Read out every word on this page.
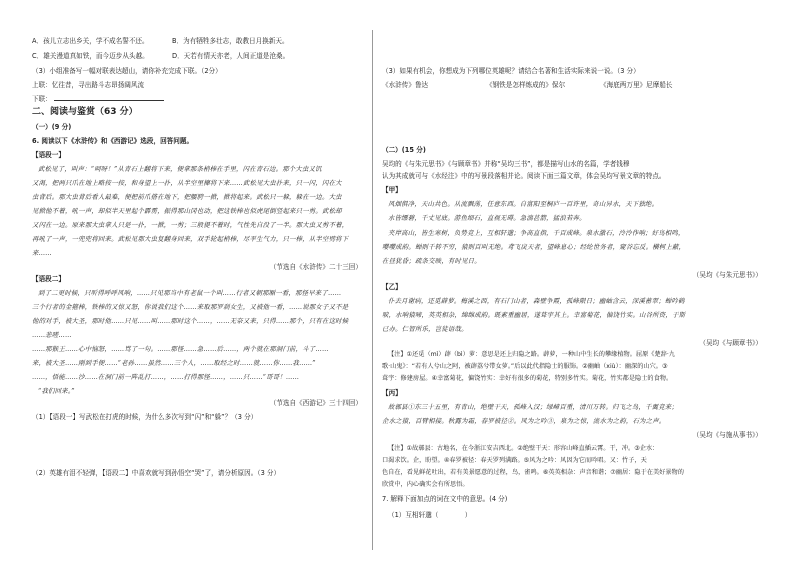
A．孩儿立志出乡关，学不成名誓不还。	B．为有牺牲多壮志，敢教日月换新天。
C．雄关漫道真如铁，而今迈步从头越。	D．天若有情天亦老，人间正道是沧桑。
（3）小组准备写一幅对联表达超山，请你补充完成下联。（2分）
上联：忆往昔，寻出路斗志昂扬阔风流
下联：
二、阅读与鉴赏（63 分）
（一）(9 分)
6. 阅读以下《水浒传》和《西游记》选段，回答问题。
【语段一】
武松见了，叫声：“呵呀！”从青石上翻将下来，便拿那条梢棒在手里，闪在青石边。那个大虫又饥
又渴，把两只爪在地上略按一按，和身望上一扑，从半空里撺将下来……武松见大虫扑来，只一闪，闪在大
虫背后。那大虫背后看人最难，便把前爪搭在地下，把腰胯一掀，掀将起来。武松只一躲，躲在一边。大虫
见掀他不着，吼一声，却似半天里起个霹雳，振得那山冈也动，把这铁棒也似虎尾倒竖起来只一剪。武松却
又闪在一边。原来那大虫拿人只是一扑，一掀，一剪；三般提不着时，气性先自没了一半。那大虫又剪不着，
再吼了一声，一兜兜将回来。武松见那大虫复翻身回来，双手轮起梢棒，尽平生气力，只一棒，从半空劈将下
来……
（节选自《水浒传》二十三回）
【语段二】
到了二更时候，只听得呼呼风响，……只见那当中有老鼠一个叫……行者又朝那厢一看，那怪早来了……
三个行者的金箍棒，铁棒的又惊又怒，你说我们这个……来取那罗刹女生，又被他一看，……说那女子又不是
他的对手，被大圣，那时他……只见……叫……那时这个……，……无奈又来，只得……那个，只有在这时候
……悲嗟……
……那猴王……心中恼怒，……骂了一句。……那怪……急……后……，两个就在那洞门前，斗了……
来，被大圣……刚到手便……“老孙……虽然……三个人，……取经之时……就……你……我……”
……，悟能……沙……在洞门前一阵乱打……，……打得那怪……，……只……“哥哥！……
“我们回来。”
（节选自《西游记》三十四回）
（1）【语段一】写武松在打虎的时候，为什么多次写到“闪”和“躲”？（3 分）
（2）英雄有泪不轻弹，【语段二】中喜欢就写到孙悟空“哭”了，请分析原因。（3 分）
（3）如果有机会，你想成为下列哪位英雄呢？请结合名著和生活实际来说一说。（3 分）
《水浒传》鲁达	《钢铁是怎样炼成的》保尔	《海底两万里》尼摩船长
（二）(15 分)
吴均的《与朱元思书》《与顾章书》并称“吴均三书”，都是描写山水的名篇，学者钱穆
认为其成就可与《水经注》中的写景段落相并论。阅读下面三篇文章，体会吴均写景文章的特点。
【甲】
风烟俱净，天山共色。从流飘荡，任意东西。自富阳至桐庐一百许里，奇山异水，天下独绝。
水皆缥碧，千丈见底。游鱼细石，直视无碍。急湍甚箭，猛浪若奔。
夹岸高山，皆生寒树，负势竞上，互相轩邈；争高直指，千百成峰。泉水激石，泠泠作响；好鸟相鸣，
嘤嘤成韵。蝉则千转不穷，猿则百叫无绝。鸢飞戾天者，望峰息心；经纶世务者，窥谷忘反。横柯上蔽，
在昼犹昏；疏条交映，有时见日。
（吴均《与朱元思书》）
【乙】
仆去月谢病，还觅薜萝。梅溪之西，有石门山者，森壁争霞，孤峰限日；幽岫含云，深溪蓄翠；蝉吟鹤
唳，水响猿啼，英英相杂，绵绵成韵。既素重幽居，遂葺宇其上。幸富菊花，偏饶竹实。山谷所资，于斯
已办。仁智所乐，岂徒语哉。
（吴均《与顾章书》）
【注】①还觅（mì）薜（bì）萝：意思是还上归隐之路。薜萝，一种山中生长的攀缘植物。屈原《楚辞·九
歌·山鬼》：“若有人兮山之阿，被薜荔兮带女萝。”后以此代指隐士的服饰。②幽岫（xiù）：幽深的山穴。③
葺宇：修建房屋。④幸富菊花，偏饶竹实：幸好有很多的菊花，特别多竹实。菊花，竹实都是隐士的食物。
【丙】
故鄣县①东三十五里，有青山，绝壁干天，孤峰入汉；绿嶂百重，清川万转。归飞之鸟，千翼竞来；
企水之猿，百臂相接。秋露为霜，春罗被径②。风为之吟③，泉为之惊，流水为之韵，石为之声。
（吴均《与施从事书》）
【注】①故鄣县：古地名，在今浙江安吉西北。②绝壁干天：形容山峰直插云霄。干，冲。③企水：
口渴求饮。企，盼望。④春罗被径：春天罗列满路。⑤风为之吟：风因为它而吟唱。又：竹子，天
色自在，看见鲜花吐出，若有美景愿意的过程，鸟，雀鸣。⑥英英相杂：声音和谐；⑦幽居：隐于在美好景物的
欣赏中，内心确实会有所思悟。
7. 解释下面加点的词在文中的意思。(4 分)
（1）互相轩邈（　　　　）
